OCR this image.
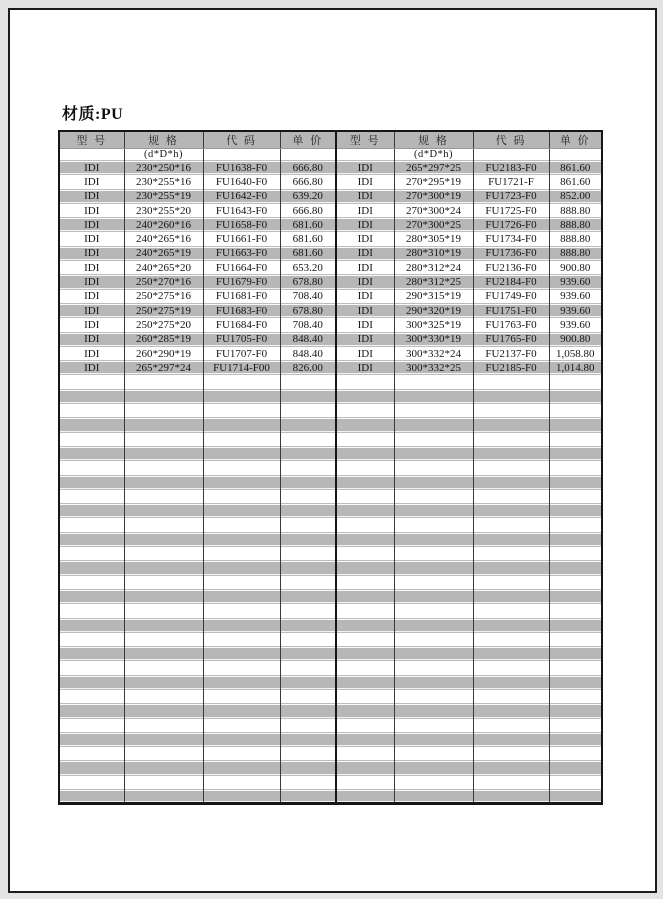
材质:PU
型 号	规 格	代 码	单 价	型 号	规 格	代 码	单 价
	(d*D*h)				(d*D*h)		
IDI	230*250*16	FU1638-F0	666.80	IDI	265*297*25	FU2183-F0	861.60
IDI	230*255*16	FU1640-F0	666.80	IDI	270*295*19	FU1721-F	861.60
IDI	230*255*19	FU1642-F0	639.20	IDI	270*300*19	FU1723-F0	852.00
IDI	230*255*20	FU1643-F0	666.80	IDI	270*300*24	FU1725-F0	888.80
IDI	240*260*16	FU1658-F0	681.60	IDI	270*300*25	FU1726-F0	888.80
IDI	240*265*16	FU1661-F0	681.60	IDI	280*305*19	FU1734-F0	888.80
IDI	240*265*19	FU1663-F0	681.60	IDI	280*310*19	FU1736-F0	888.80
IDI	240*265*20	FU1664-F0	653.20	IDI	280*312*24	FU2136-F0	900.80
IDI	250*270*16	FU1679-F0	678.80	IDI	280*312*25	FU2184-F0	939.60
IDI	250*275*16	FU1681-F0	708.40	IDI	290*315*19	FU1749-F0	939.60
IDI	250*275*19	FU1683-F0	678.80	IDI	290*320*19	FU1751-F0	939.60
IDI	250*275*20	FU1684-F0	708.40	IDI	300*325*19	FU1763-F0	939.60
IDI	260*285*19	FU1705-F0	848.40	IDI	300*330*19	FU1765-F0	900.80
IDI	260*290*19	FU1707-F0	848.40	IDI	300*332*24	FU2137-F0	1,058.80
IDI	265*297*24	FU1714-F00	826.00	IDI	300*332*25	FU2185-F0	1,014.80
